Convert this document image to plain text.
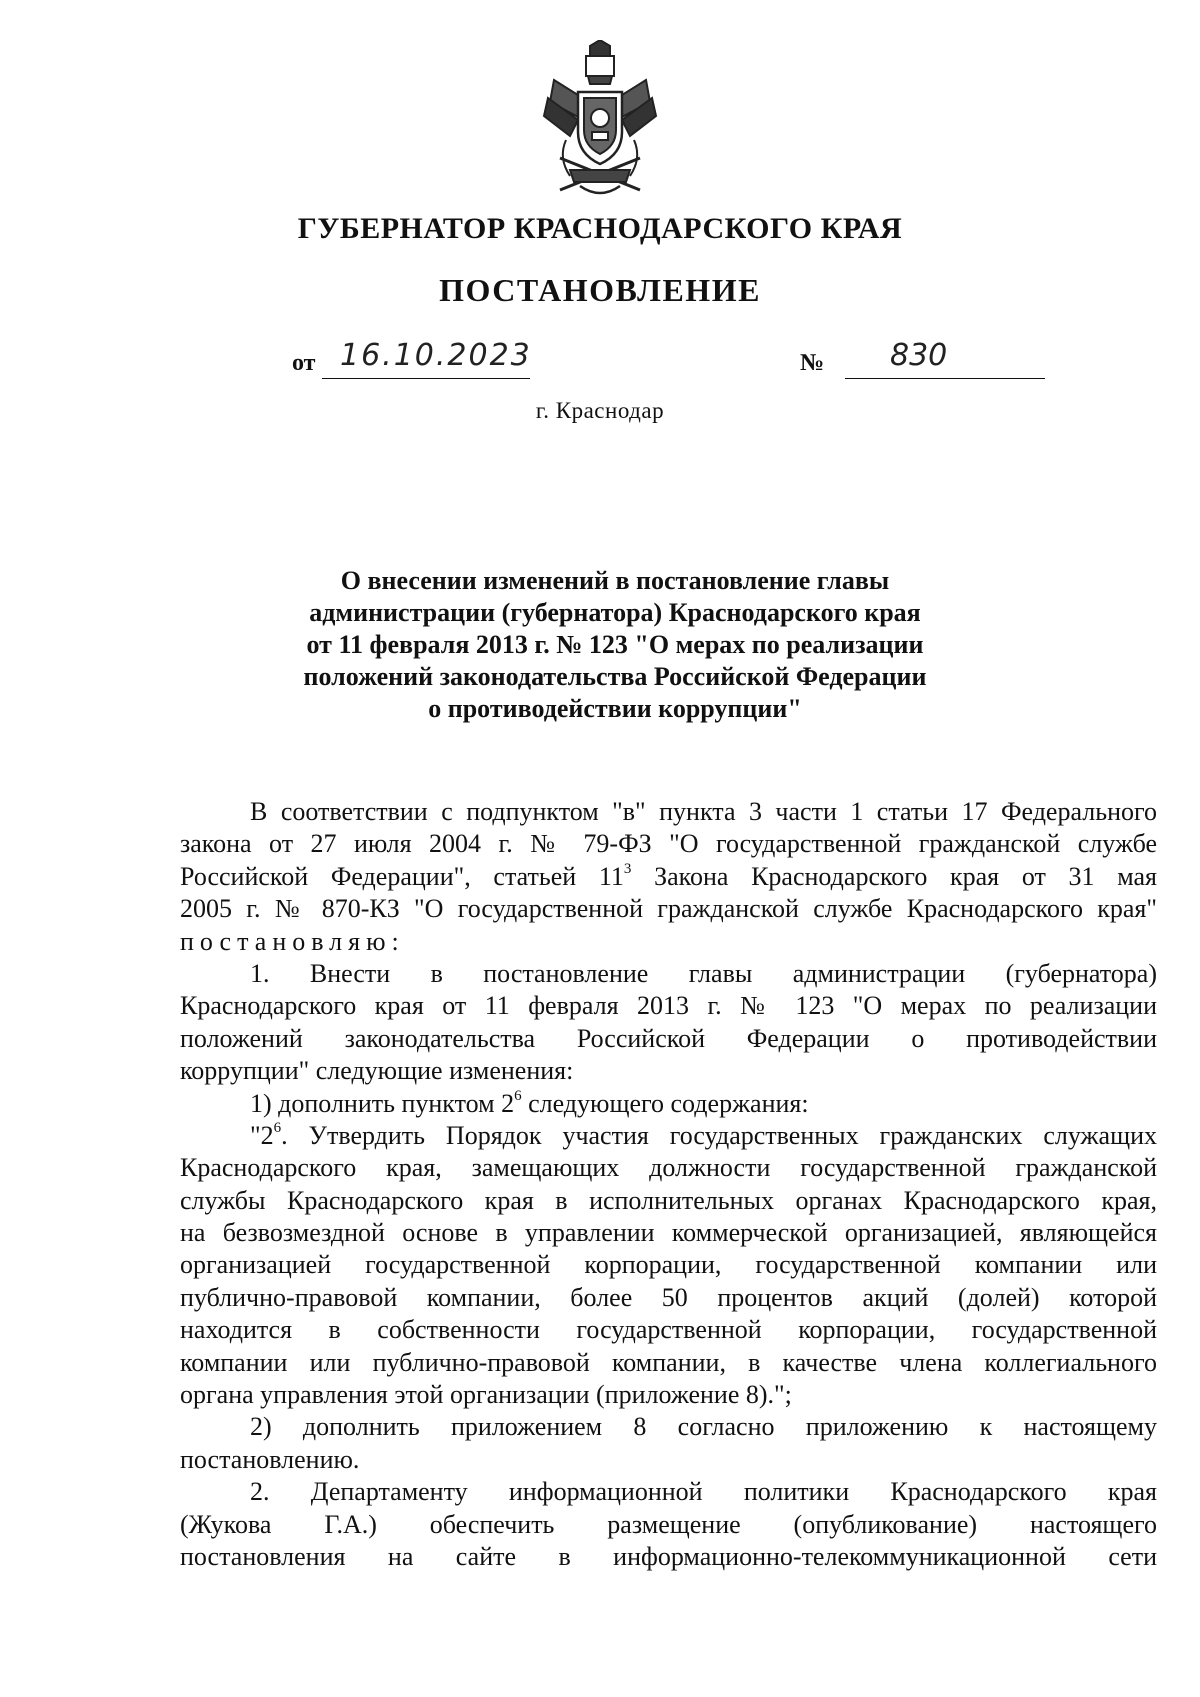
ГУБЕРНАТОР КРАСНОДАРСКОГО КРАЯ
ПОСТАНОВЛЕНИЕ
от 16.10.2023	№ 830
г. Краснодар
О внесении изменений в постановление главы
администрации (губернатора) Краснодарского края
от 11 февраля 2013 г. № 123 "О мерах по реализации
положений законодательства Российской Федерации
о противодействии коррупции"
В соответствии с подпунктом "в" пункта 3 части 1 статьи 17 Федерального
закона от 27 июля 2004 г. № 79-ФЗ "О государственной гражданской службе
Российской Федерации", статьей $11^3$ Закона Краснодарского края от 31 мая
2005 г. № 870-КЗ "О государственной гражданской службе Краснодарского края"
постановляю:
1. Внести в постановление главы администрации (губернатора)
Краснодарского края от 11 февраля 2013 г. № 123 "О мерах по реализации
положений законодательства Российской Федерации о противодействии
коррупции" следующие изменения:
1) дополнить пунктом $2^6$ следующего содержания:
"$2^6$. Утвердить Порядок участия государственных гражданских служащих
Краснодарского края, замещающих должности государственной гражданской
службы Краснодарского края в исполнительных органах Краснодарского края,
на безвозмездной основе в управлении коммерческой организацией, являющейся
организацией государственной корпорации, государственной компании или
публично-правовой компании, более 50 процентов акций (долей) которой
находится в собственности государственной корпорации, государственной
компании или публично-правовой компании, в качестве члена коллегиального
органа управления этой организации (приложение 8).";
2) дополнить приложением 8 согласно приложению к настоящему
постановлению.
2. Департаменту информационной политики Краснодарского края
(Жукова Г.А.) обеспечить размещение (опубликование) настоящего
постановления на сайте в информационно-телекоммуникационной сети
